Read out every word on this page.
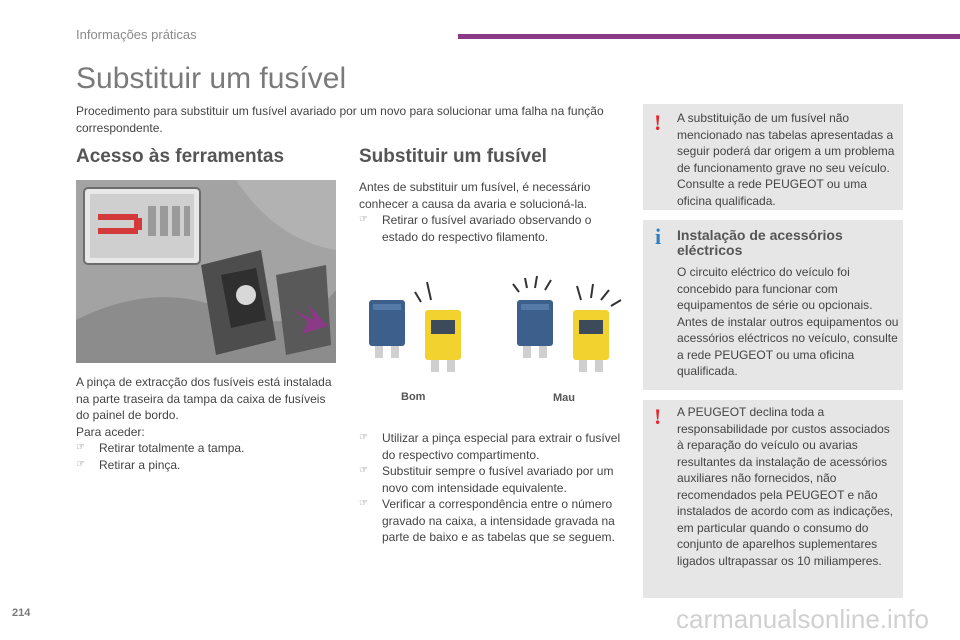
Informações práticas
Substituir um fusível

Procedimento para substituir um fusível avariado por um novo para solucionar uma falha na função correspondente.

Acesso às ferramentas

A pinça de extracção dos fusíveis está instalada na parte traseira da tampa da caixa de fusíveis do painel de bordo.

Para aceder:

☞ Retirar totalmente a tampa.
☞ Retirar a pinça.
Substituir um fusível

Antes de substituir um fusível, é necessário conhecer a causa da avaria e solucioná-la.

☞ Retirar o fusível avariado observando o estado do respectivo filamento.
Bom	Mau
☞ Utilizar a pinça especial para extrair o fusível do respectivo compartimento.
☞ Substituir sempre o fusível avariado por um novo com intensidade equivalente.
☞ Verificar a correspondência entre o número gravado na caixa, a intensidade gravada na parte de baixo e as tabelas que se seguem.
! A substituição de um fusível não mencionado nas tabelas apresentadas a seguir poderá dar origem a um problema de funcionamento grave no seu veículo. Consulte a rede PEUGEOT ou uma oficina qualificada.

i Instalação de acessórios eléctricos

O circuito eléctrico do veículo foi concebido para funcionar com equipamentos de série ou opcionais. Antes de instalar outros equipamentos ou acessórios eléctricos no veículo, consulte a rede PEUGEOT ou uma oficina qualificada.

! A PEUGEOT declina toda a responsabilidade por custos associados à reparação do veículo ou avarias resultantes da instalação de acessórios auxiliares não fornecidos, não recomendados pela PEUGEOT e não instalados de acordo com as indicações, em particular quando o consumo do conjunto de aparelhos suplementares ligados ultrapassar os 10 miliamperes.

214	carmanualsonline.info
